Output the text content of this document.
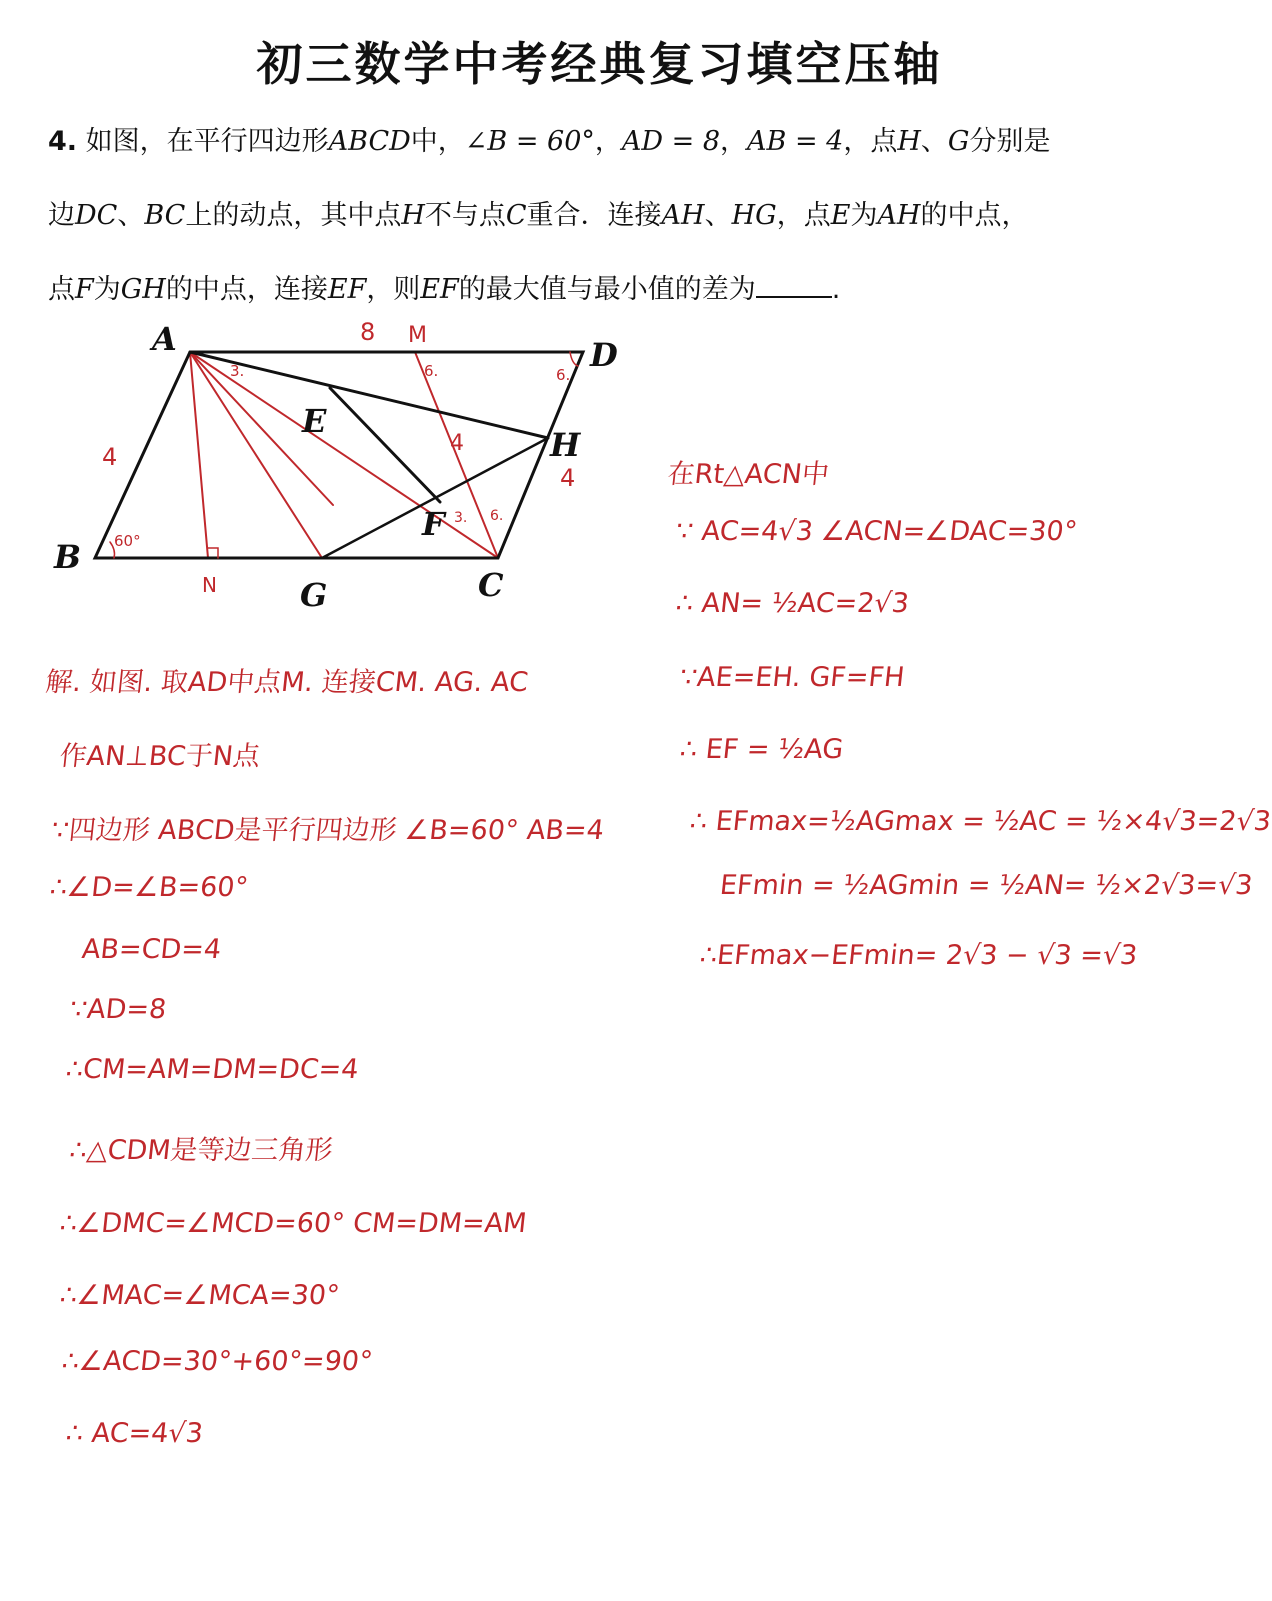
初三数学中考经典复习填空压轴
4. 如图，在平行四边形ABCD中，∠B = 60°，AD = 8，AB = 4，点H、G分别是
边DC、BC上的动点，其中点H不与点C重合．连接AH、HG，点E为AH的中点，
点F为GH的中点，连接EF，则EF的最大值与最小值的差为	.
A	D
B
C
G
H
E
F
M
N
8
4
4
4
60°
6.
6.
3.
3. 6.
解. 如图. 取AD中点M. 连接CM. AG. AC
作AN⊥BC于N点
∵四边形 ABCD是平行四边形 ∠B=60° AB=4
∴∠D=∠B=60°
AB=CD=4
∵AD=8
∴CM=AM=DM=DC=4
∴△CDM是等边三角形
∴∠DMC=∠MCD=60° CM=DM=AM
∴∠MAC=∠MCA=30°
∴∠ACD=30°+60°=90°
∴ AC=4√3
在Rt△ACN中
∵ AC=4√3 ∠ACN=∠DAC=30°
∴ AN= ½AC=2√3
∵AE=EH. GF=FH
∴ EF = ½AG
∴ EFmax=½AGmax = ½AC = ½×4√3=2√3
EFmin = ½AGmin = ½AN= ½×2√3=√3
∴EFmax−EFmin= 2√3 − √3 =√3
